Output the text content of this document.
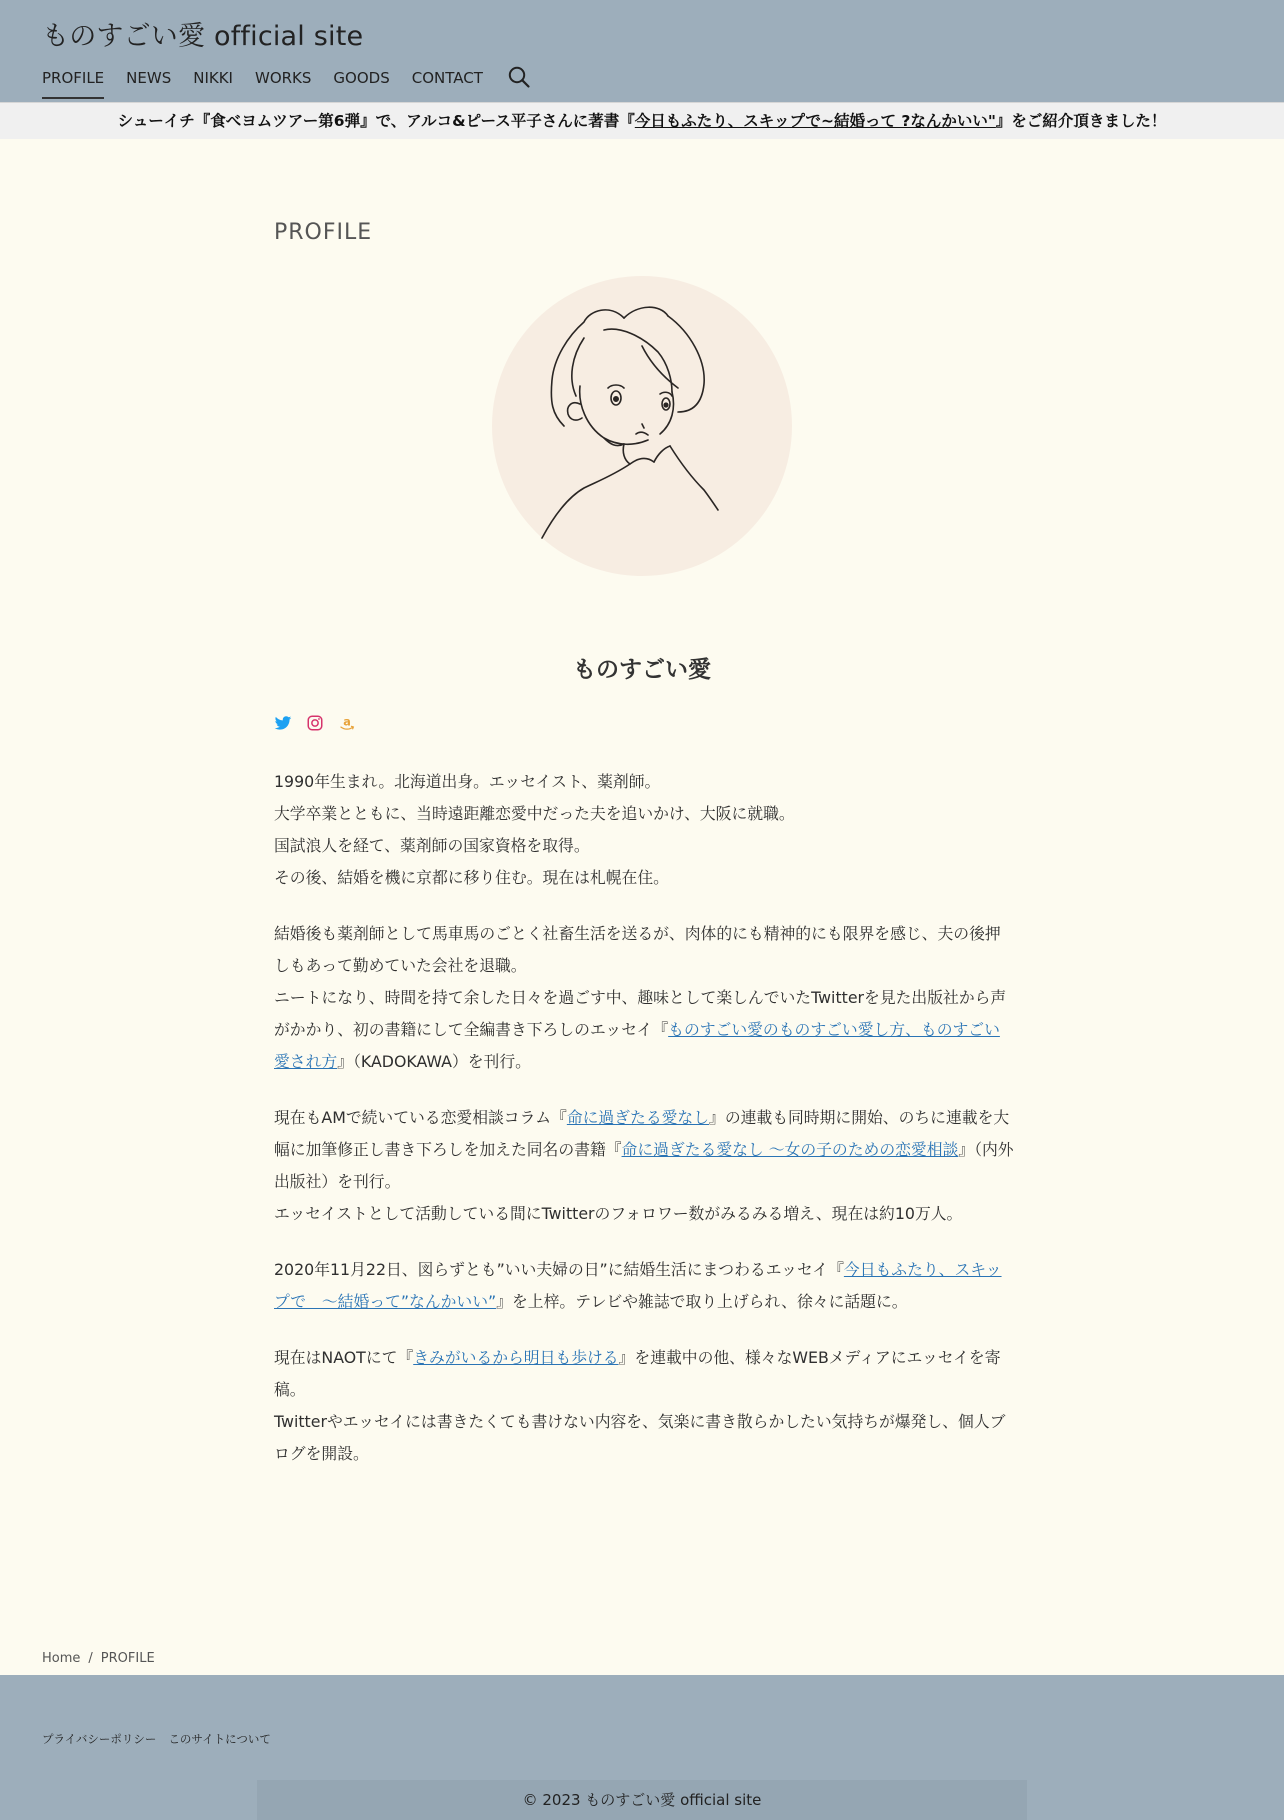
ものすごい愛 official site
PROFILE NEWS NIKKI WORKS GOODS CONTACT
シューイチ『食べヨムツアー第6弾』で、アルコ&ピース平子さんに著書『今日もふたり、スキップで~結婚って ?なんかいい"』をご紹介頂きました！
PROFILE
ものすごい愛
a

1990年生まれ。北海道出身。エッセイスト、薬剤師。
大学卒業とともに、当時遠距離恋愛中だった夫を追いかけ、大阪に就職。
国試浪人を経て、薬剤師の国家資格を取得。
その後、結婚を機に京都に移り住む。現在は札幌在住。

結婚後も薬剤師として馬車馬のごとく社畜生活を送るが、肉体的にも精神的にも限界を感じ、夫の後押しもあって勤めていた会社を退職。
ニートになり、時間を持て余した日々を過ごす中、趣味として楽しんでいたTwitterを見た出版社から声がかかり、初の書籍にして全編書き下ろしのエッセイ『ものすごい愛のものすごい愛し方、ものすごい愛され方』（KADOKAWA）を刊行。

現在もAMで続いている恋愛相談コラム『命に過ぎたる愛なし』の連載も同時期に開始、のちに連載を大幅に加筆修正し書き下ろしを加えた同名の書籍『命に過ぎたる愛なし ～女の子のための恋愛相談』（内外出版社）を刊行。
エッセイストとして活動している間にTwitterのフォロワー数がみるみる増え、現在は約10万人。

2020年11月22日、図らずとも”いい夫婦の日”に結婚生活にまつわるエッセイ『今日もふたり、スキップで　～結婚って”なんかいい”』を上梓。テレビや雑誌で取り上げられ、徐々に話題に。

現在はNAOTにて『きみがいるから明日も歩ける』を連載中の他、様々なWEBメディアにエッセイを寄稿。
Twitterやエッセイには書きたくても書けない内容を、気楽に書き散らかしたい気持ちが爆発し、個人ブログを開設。

Home / PROFILE
プライバシーポリシー このサイトについて
© 2023 ものすごい愛 official site
